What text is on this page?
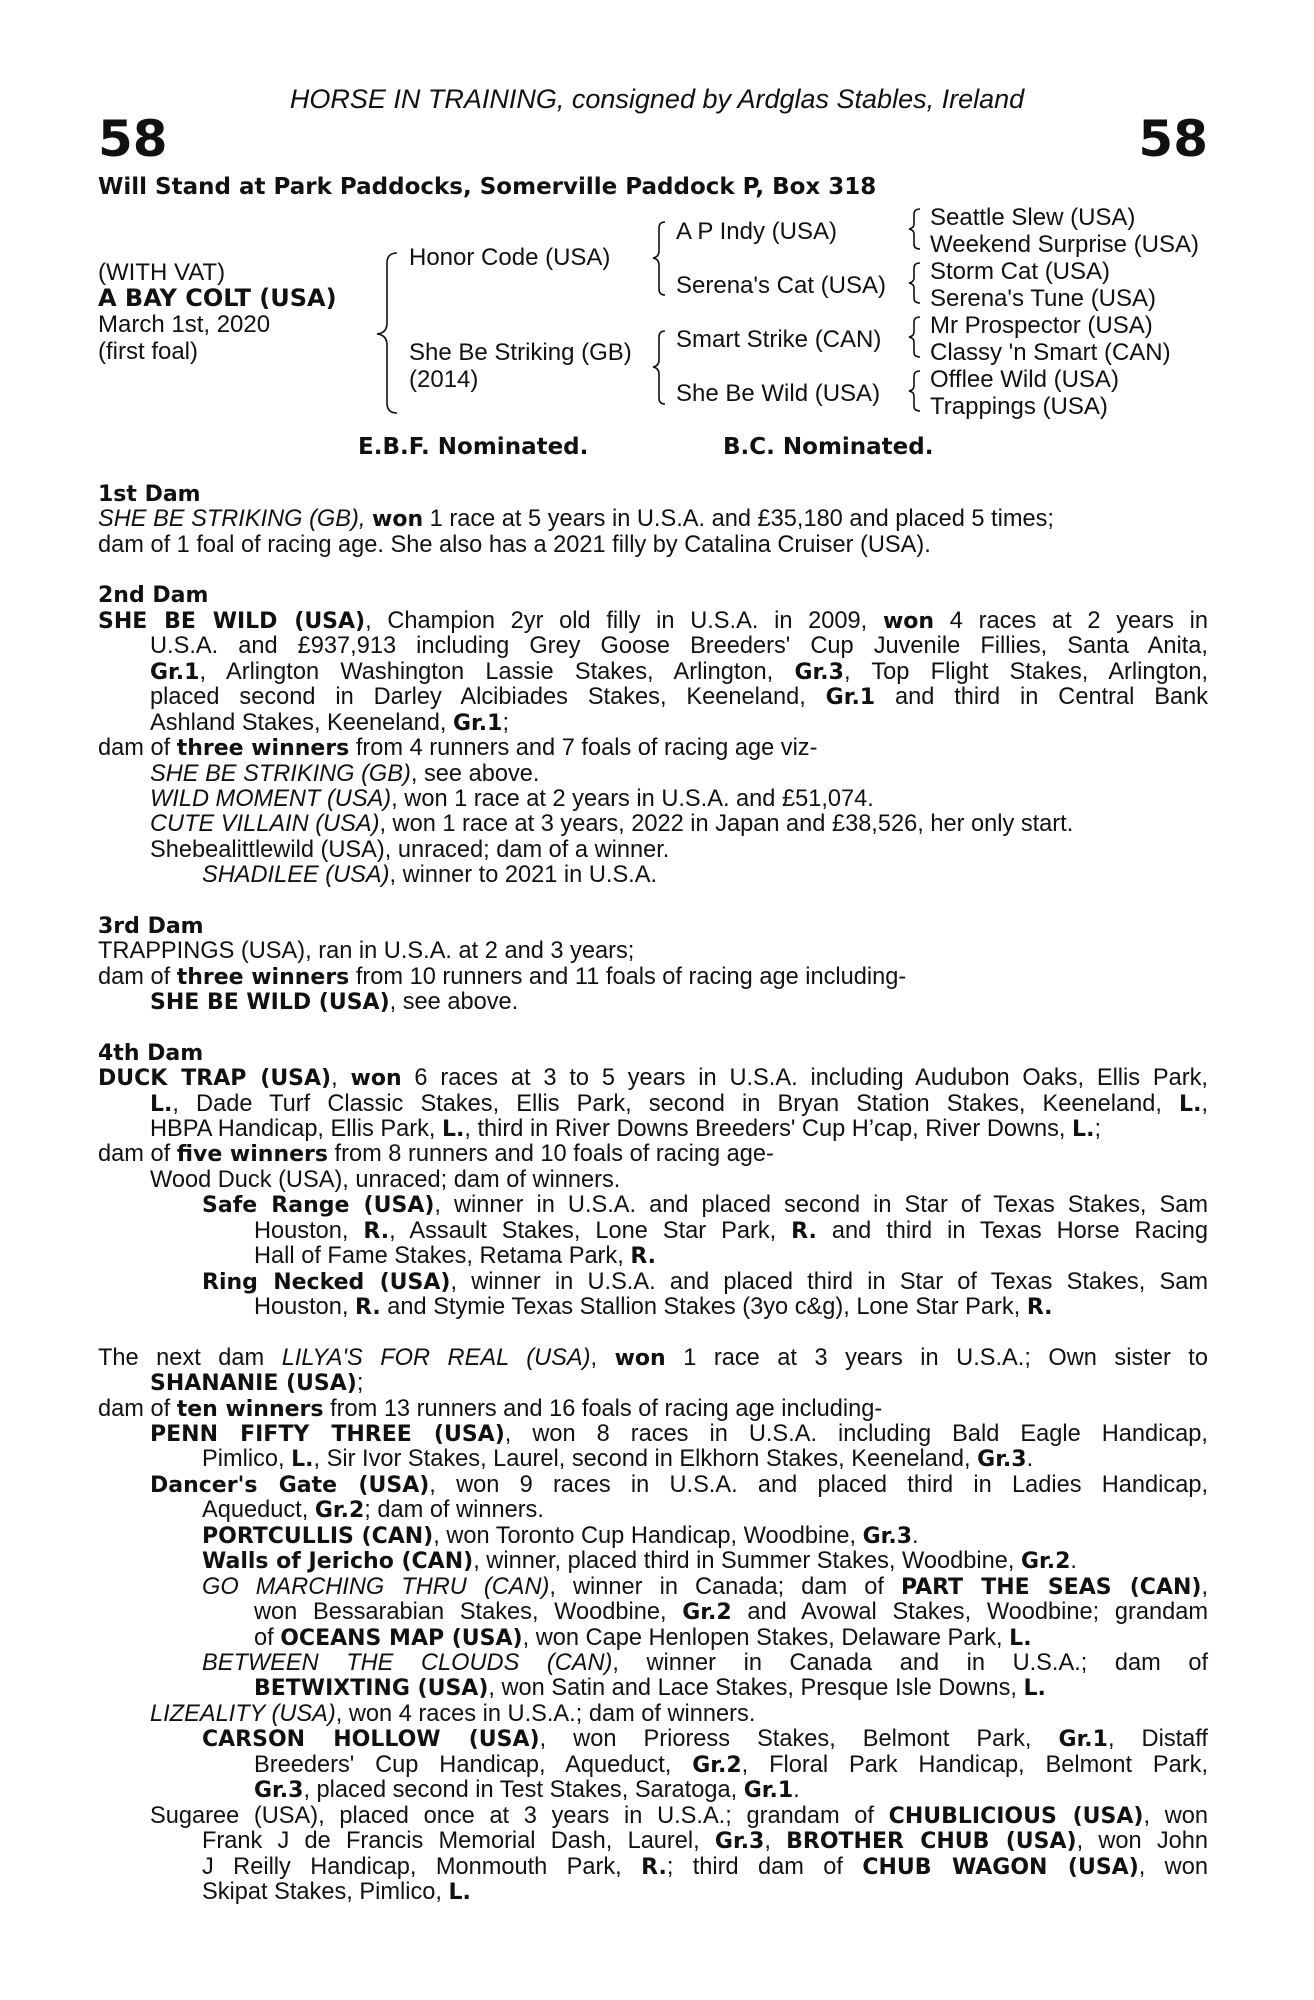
HORSE IN TRAINING, consigned by Ardglas Stables, Ireland
58	58
Will Stand at Park Paddocks, Somerville Paddock P, Box 318
(WITH VAT)
A BAY COLT (USA)
March 1st, 2020
(first foal)
Honor Code (USA)
She Be Striking (GB)
(2014)
A P Indy (USA)
Serena's Cat (USA)
Smart Strike (CAN)
She Be Wild (USA)
Seattle Slew (USA)
Weekend Surprise (USA)
Storm Cat (USA)
Serena's Tune (USA)
Mr Prospector (USA)
Classy 'n Smart (CAN)
Offlee Wild (USA)
Trappings (USA)
E.B.F. Nominated.	B.C. Nominated.
1st Dam
SHE BE STRIKING (GB), won 1 race at 5 years in U.S.A. and £35,180 and placed 5 times;
dam of 1 foal of racing age. She also has a 2021 filly by Catalina Cruiser (USA).
2nd Dam
SHE BE WILD (USA), Champion 2yr old filly in U.S.A. in 2009, won 4 races at 2 years in
U.S.A. and £937,913 including Grey Goose Breeders' Cup Juvenile Fillies, Santa Anita,
Gr.1, Arlington Washington Lassie Stakes, Arlington, Gr.3, Top Flight Stakes, Arlington,
placed second in Darley Alcibiades Stakes, Keeneland, Gr.1 and third in Central Bank
Ashland Stakes, Keeneland, Gr.1;
dam of three winners from 4 runners and 7 foals of racing age viz-
SHE BE STRIKING (GB), see above.
WILD MOMENT (USA), won 1 race at 2 years in U.S.A. and £51,074.
CUTE VILLAIN (USA), won 1 race at 3 years, 2022 in Japan and £38,526, her only start.
Shebealittlewild (USA), unraced; dam of a winner.
SHADILEE (USA), winner to 2021 in U.S.A.
3rd Dam
TRAPPINGS (USA), ran in U.S.A. at 2 and 3 years;
dam of three winners from 10 runners and 11 foals of racing age including-
SHE BE WILD (USA), see above.
4th Dam
DUCK TRAP (USA), won 6 races at 3 to 5 years in U.S.A. including Audubon Oaks, Ellis Park,
L., Dade Turf Classic Stakes, Ellis Park, second in Bryan Station Stakes, Keeneland, L.,
HBPA Handicap, Ellis Park, L., third in River Downs Breeders' Cup H’cap, River Downs, L.;
dam of five winners from 8 runners and 10 foals of racing age-
Wood Duck (USA), unraced; dam of winners.
Safe Range (USA), winner in U.S.A. and placed second in Star of Texas Stakes, Sam
Houston, R., Assault Stakes, Lone Star Park, R. and third in Texas Horse Racing
Hall of Fame Stakes, Retama Park, R.
Ring Necked (USA), winner in U.S.A. and placed third in Star of Texas Stakes, Sam
Houston, R. and Stymie Texas Stallion Stakes (3yo c&g), Lone Star Park, R.
The next dam LILYA'S FOR REAL (USA), won 1 race at 3 years in U.S.A.; Own sister to
SHANANIE (USA);
dam of ten winners from 13 runners and 16 foals of racing age including-
PENN FIFTY THREE (USA), won 8 races in U.S.A. including Bald Eagle Handicap,
Pimlico, L., Sir Ivor Stakes, Laurel, second in Elkhorn Stakes, Keeneland, Gr.3.
Dancer's Gate (USA), won 9 races in U.S.A. and placed third in Ladies Handicap,
Aqueduct, Gr.2; dam of winners.
PORTCULLIS (CAN), won Toronto Cup Handicap, Woodbine, Gr.3.
Walls of Jericho (CAN), winner, placed third in Summer Stakes, Woodbine, Gr.2.
GO MARCHING THRU (CAN), winner in Canada; dam of PART THE SEAS (CAN),
won Bessarabian Stakes, Woodbine, Gr.2 and Avowal Stakes, Woodbine; grandam
of OCEANS MAP (USA), won Cape Henlopen Stakes, Delaware Park, L.
BETWEEN THE CLOUDS (CAN), winner in Canada and in U.S.A.; dam of
BETWIXTING (USA), won Satin and Lace Stakes, Presque Isle Downs, L.
LIZEALITY (USA), won 4 races in U.S.A.; dam of winners.
CARSON HOLLOW (USA), won Prioress Stakes, Belmont Park, Gr.1, Distaff
Breeders' Cup Handicap, Aqueduct, Gr.2, Floral Park Handicap, Belmont Park,
Gr.3, placed second in Test Stakes, Saratoga, Gr.1.
Sugaree (USA), placed once at 3 years in U.S.A.; grandam of CHUBLICIOUS (USA), won
Frank J de Francis Memorial Dash, Laurel, Gr.3, BROTHER CHUB (USA), won John
J Reilly Handicap, Monmouth Park, R.; third dam of CHUB WAGON (USA), won
Skipat Stakes, Pimlico, L.
